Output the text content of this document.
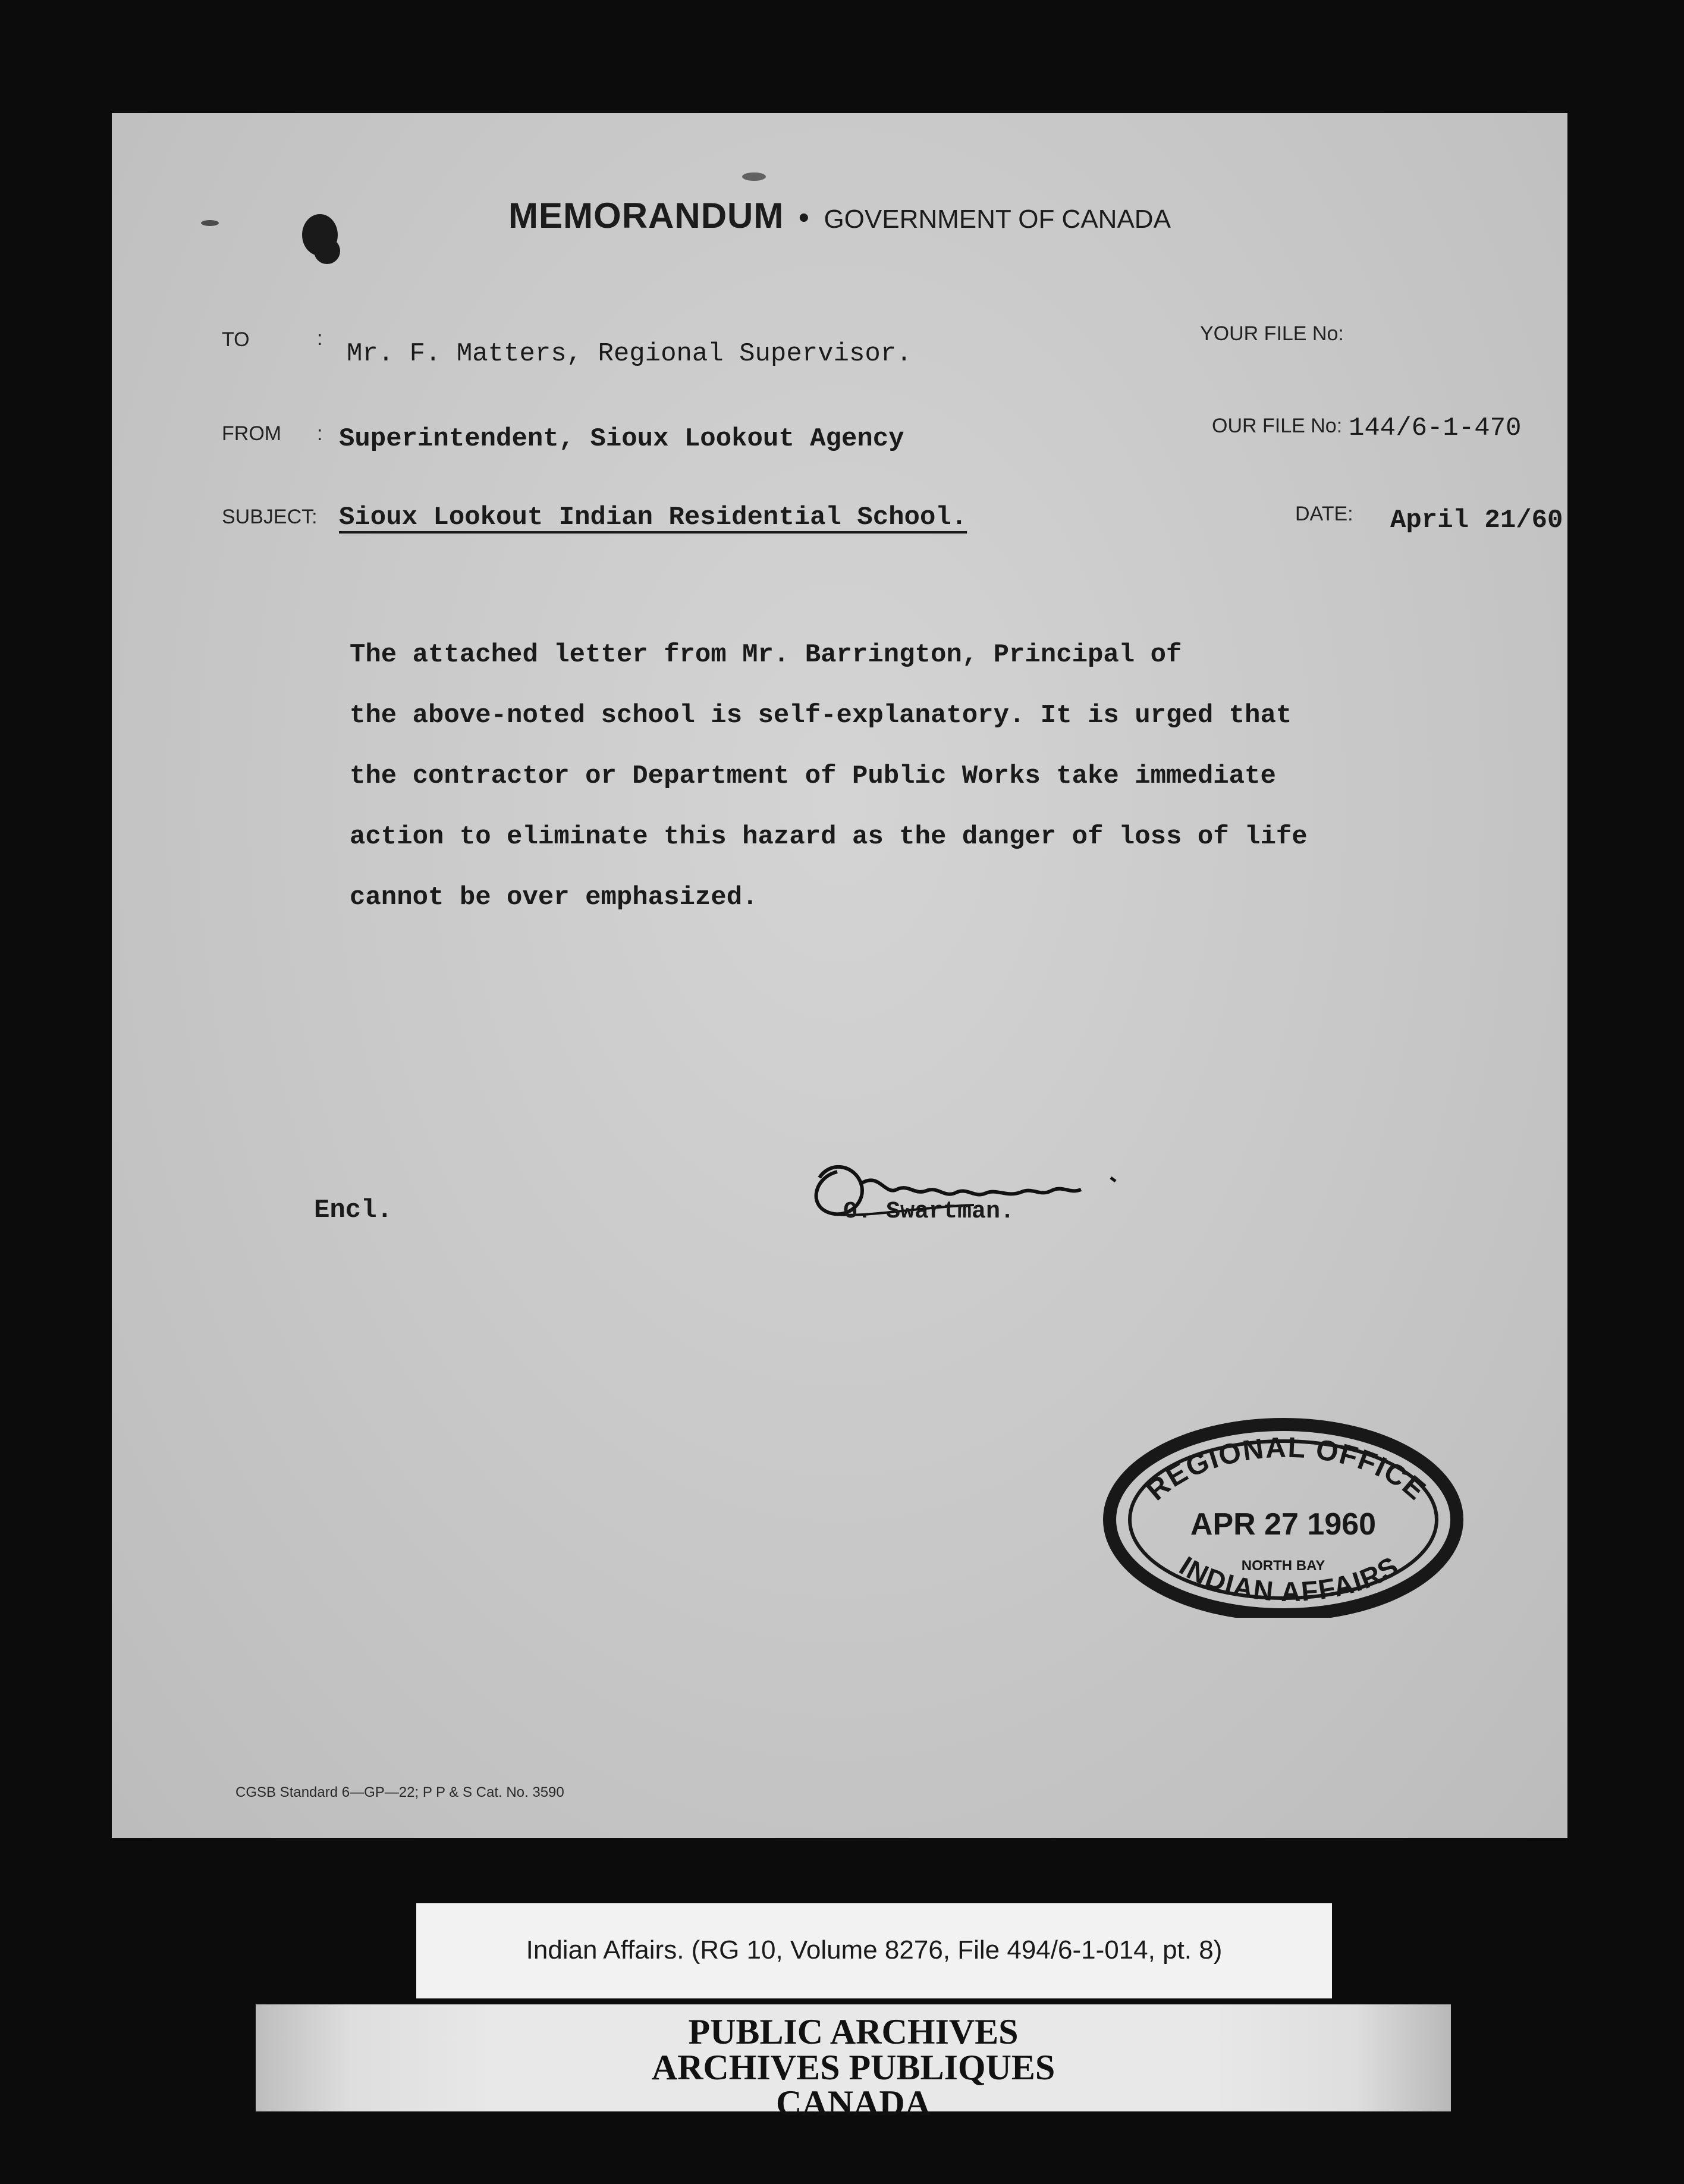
MEMORANDUM • GOVERNMENT OF CANADA
TO	:
Mr. F. Matters, Regional Supervisor.
FROM : Superintendent, Sioux Lookout Agency
SUBJECT: Sioux Lookout Indian Residential School.
YOUR FILE No:
OUR FILE No: 144/6-1-470
DATE: April 21/60
The attached letter from Mr. Barrington, Principal of
the above-noted school is self-explanatory. It is urged that
the contractor or Department of Public Works take immediate
action to eliminate this hazard as the danger of loss of life
cannot be over emphasized.
Encl.	G. Swartman.
REGIONAL OFFICE
APR 27 1960
NORTH BAY
INDIAN AFFAIRS
CGSB Standard 6—GP—22; P P & S Cat. No. 3590
Indian Affairs. (RG 10, Volume 8276, File 494/6-1-014, pt. 8)
PUBLIC ARCHIVES
ARCHIVES PUBLIQUES
CANADA
